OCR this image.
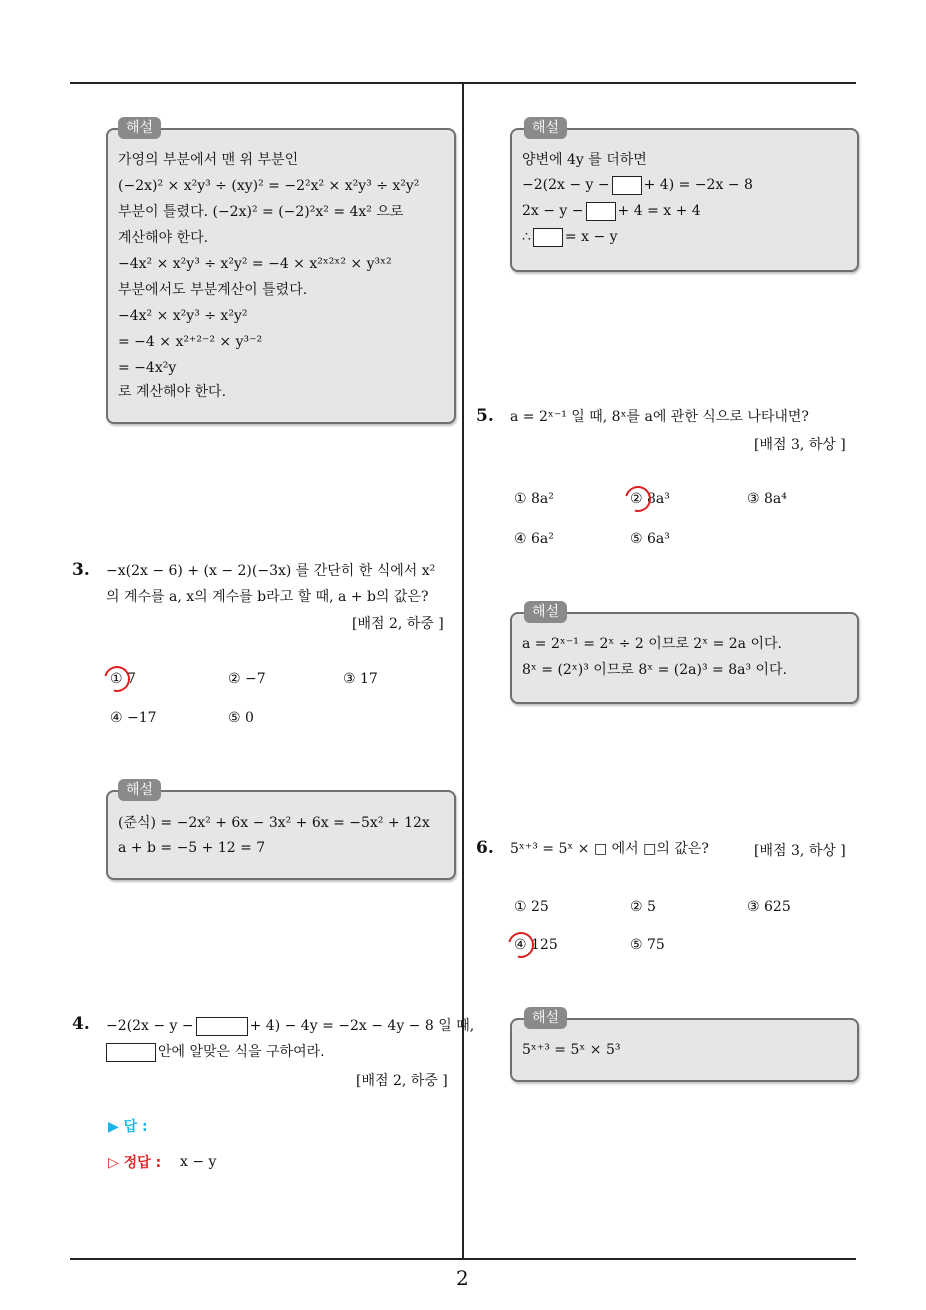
2
해설
가영의 부분에서 맨 위 부분인
(−2x)² × x²y³ ÷ (xy)² = −2²x² × x²y³ ÷ x²y²
부분이 틀렸다. (−2x)² = (−2)²x² = 4x² 으로
계산해야 한다.
−4x² × x²y³ ÷ x²y² = −4 × x²ˣ²ˣ² × y³ˣ²
부분에서도 부분계산이 틀렸다.
−4x² × x²y³ ÷ x²y²
= −4 × x²⁺²⁻² × y³⁻²
= −4x²y
로 계산해야 한다.
3. −x(2x − 6) + (x − 2)(−3x) 를 간단히 한 식에서 x²
의 계수를 a, x의 계수를 b라고 할 때, a + b의 값은?
[배점 2, 하중 ]
① 7	② −7	③ 17
④ −17	⑤ 0
해설
(준식) = −2x² + 6x − 3x² + 6x = −5x² + 12x
a + b = −5 + 12 = 7
4. −2(2x − y −	+ 4) − 4y = −2x − 4y − 8 일 때,
안에 알맞은 식을 구하여라.
[배점 2, 하중 ]
▶ 답 :
▷ 정답 : x − y
해설
양변에 4y 를 더하면
−2(2x − y − + 4) = −2x − 8
2x − y − + 4 = x + 4
∴ = x − y
5. a = 2ˣ⁻¹ 일 때, 8ˣ를 a에 관한 식으로 나타내면?
[배점 3, 하상 ]
① 8a²	② 8a³	③ 8a⁴
④ 6a²	⑤ 6a³
해설
a = 2ˣ⁻¹ = 2ˣ ÷ 2 이므로 2ˣ = 2a 이다.
8ˣ = (2ˣ)³ 이므로 8ˣ = (2a)³ = 8a³ 이다.
6. 5ˣ⁺³ = 5ˣ × □ 에서 □의 값은?	[배점 3, 하상 ]
① 25	② 5	③ 625
④ 125	⑤ 75
해설
5ˣ⁺³ = 5ˣ × 5³
